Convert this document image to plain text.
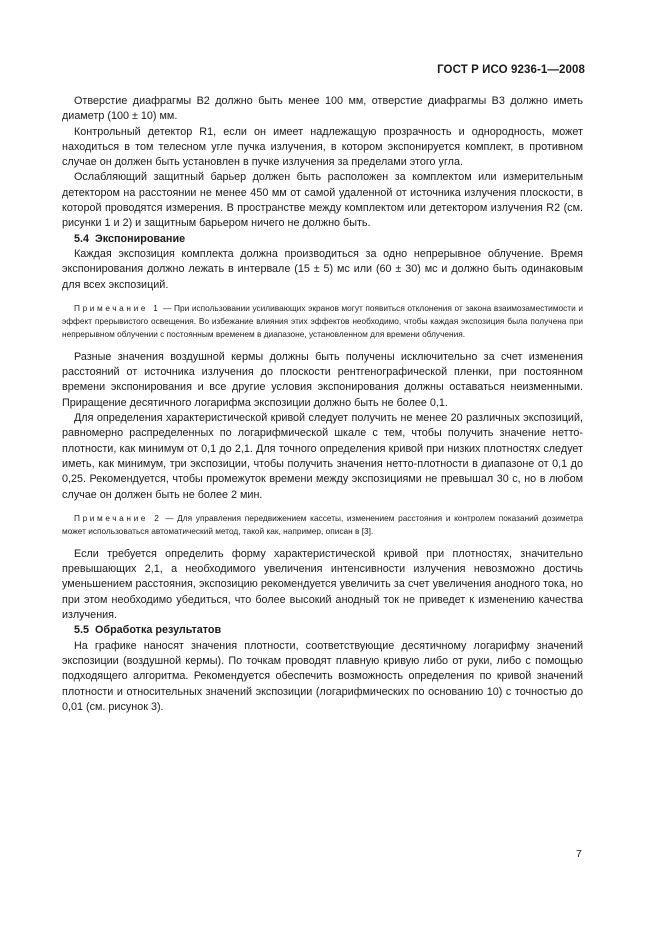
ГОСТ Р ИСО 9236-1—2008

Отверстие диафрагмы В2 должно быть менее 100 мм, отверстие диафрагмы В3 должно иметь диаметр (100 ± 10) мм.

Контрольный детектор R1, если он имеет надлежащую прозрачность и однородность, может находиться в том телесном угле пучка излучения, в котором экспонируется комплект, в противном случае он должен быть установлен в пучке излучения за пределами этого угла.

Ослабляющий защитный барьер должен быть расположен за комплектом или измерительным детектором на расстоянии не менее 450 мм от самой удаленной от источника излучения плоскости, в которой проводятся измерения. В пространстве между комплектом или детектором излучения R2 (см. рисунки 1 и 2) и защитным барьером ничего не должно быть.

5.4 Экспонирование

Каждая экспозиция комплекта должна производиться за одно непрерывное облучение. Время экспонирования должно лежать в интервале (15 ± 5) мс или (60 ± 30) мс и должно быть одинаковым для всех экспозиций.

Примечание 1 — При использовании усиливающих экранов могут появиться отклонения от закона взаимозаместимости и эффект прерывистого освещения. Во избежание влияния этих эффектов необходимо, чтобы каждая экспозиция была получена при непрерывном облучении с постоянным временем в диапазоне, установленном для времени облучения.

Разные значения воздушной кермы должны быть получены исключительно за счет изменения расстояний от источника излучения до плоскости рентгенографической пленки, при постоянном времени экспонирования и все другие условия экспонирования должны оставаться неизменными. Приращение десятичного логарифма экспозиции должно быть не более 0,1.

Для определения характеристической кривой следует получить не менее 20 различных экспозиций, равномерно распределенных по логарифмической шкале с тем, чтобы получить значение нетто-плотности, как минимум от 0,1 до 2,1. Для точного определения кривой при низких плотностях следует иметь, как минимум, три экспозиции, чтобы получить значения нетто-плотности в диапазоне от 0,1 до 0,25. Рекомендуется, чтобы промежуток времени между экспозициями не превышал 30 с, но в любом случае он должен быть не более 2 мин.

Примечание 2 — Для управления передвижением кассеты, изменением расстояния и контролем показаний дозиметра может использоваться автоматический метод, такой как, например, описан в [3].

Если требуется определить форму характеристической кривой при плотностях, значительно превышающих 2,1, а необходимого увеличения интенсивности излучения невозможно достичь уменьшением расстояния, экспозицию рекомендуется увеличить за счет увеличения анодного тока, но при этом необходимо убедиться, что более высокий анодный ток не приведет к изменению качества излучения.

5.5 Обработка результатов

На графике наносят значения плотности, соответствующие десятичному логарифму значений экспозиции (воздушной кермы). По точкам проводят плавную кривую либо от руки, либо с помощью подходящего алгоритма. Рекомендуется обеспечить возможность определения по кривой значений плотности и относительных значений экспозиции (логарифмических по основанию 10) с точностью до 0,01 (см. рисунок 3).

7
